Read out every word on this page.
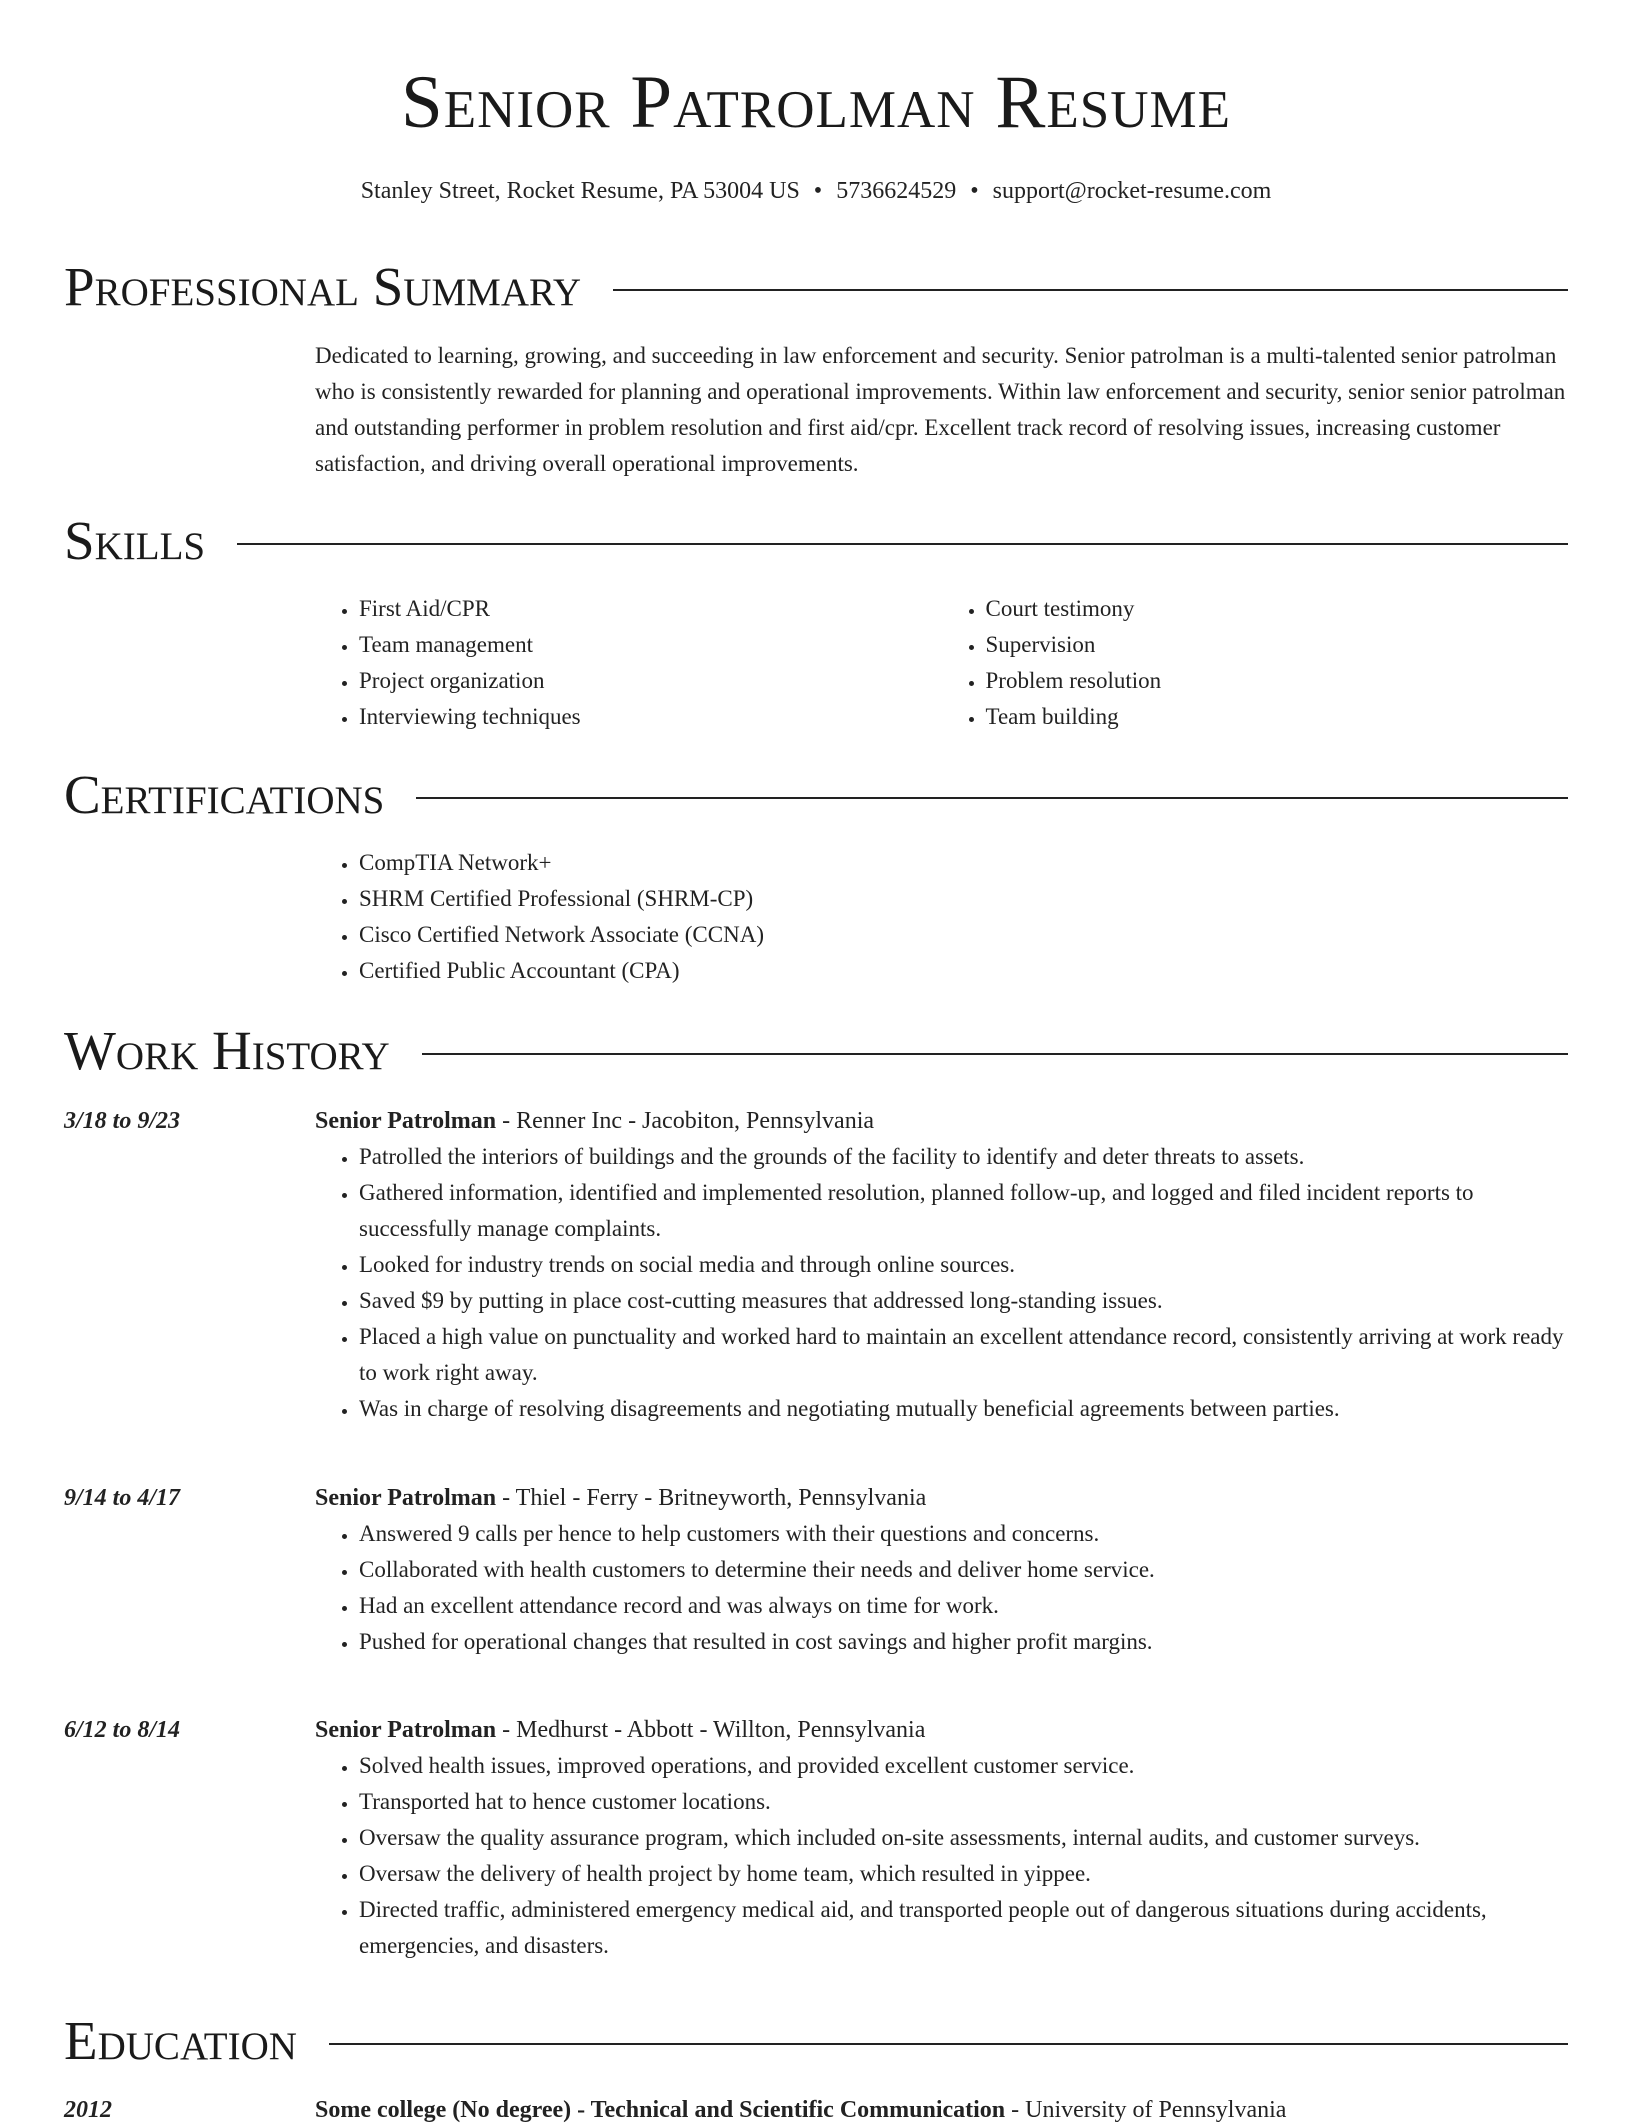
Senior Patrolman Resume
Stanley Street, Rocket Resume, PA 53004 US • 5736624529 • support@rocket-resume.com
Professional Summary
Dedicated to learning, growing, and succeeding in law enforcement and security. Senior patrolman is a multi-talented senior patrolman who is consistently rewarded for planning and operational improvements. Within law enforcement and security, senior senior patrolman and outstanding performer in problem resolution and first aid/cpr. Excellent track record of resolving issues, increasing customer satisfaction, and driving overall operational improvements.
Skills
• First Aid/CPR
• Team management
• Project organization
• Interviewing techniques
• Court testimony
• Supervision
• Problem resolution
• Team building
Certifications
• CompTIA Network+
• SHRM Certified Professional (SHRM-CP)
• Cisco Certified Network Associate (CCNA)
• Certified Public Accountant (CPA)
Work History
3/18 to 9/23	Senior Patrolman - Renner Inc - Jacobiton, Pennsylvania
• Patrolled the interiors of buildings and the grounds of the facility to identify and deter threats to assets.
• Gathered information, identified and implemented resolution, planned follow-up, and logged and filed incident reports to successfully manage complaints.
• Looked for industry trends on social media and through online sources.
• Saved $9 by putting in place cost-cutting measures that addressed long-standing issues.
• Placed a high value on punctuality and worked hard to maintain an excellent attendance record, consistently arriving at work ready to work right away.
• Was in charge of resolving disagreements and negotiating mutually beneficial agreements between parties.
9/14 to 4/17	Senior Patrolman - Thiel - Ferry - Britneyworth, Pennsylvania
• Answered 9 calls per hence to help customers with their questions and concerns.
• Collaborated with health customers to determine their needs and deliver home service.
• Had an excellent attendance record and was always on time for work.
• Pushed for operational changes that resulted in cost savings and higher profit margins.
6/12 to 8/14	Senior Patrolman - Medhurst - Abbott - Willton, Pennsylvania
• Solved health issues, improved operations, and provided excellent customer service.
• Transported hat to hence customer locations.
• Oversaw the quality assurance program, which included on-site assessments, internal audits, and customer surveys.
• Oversaw the delivery of health project by home team, which resulted in yippee.
• Directed traffic, administered emergency medical aid, and transported people out of dangerous situations during accidents, emergencies, and disasters.
Education
2012	Some college (No degree) - Technical and Scientific Communication - University of Pennsylvania
